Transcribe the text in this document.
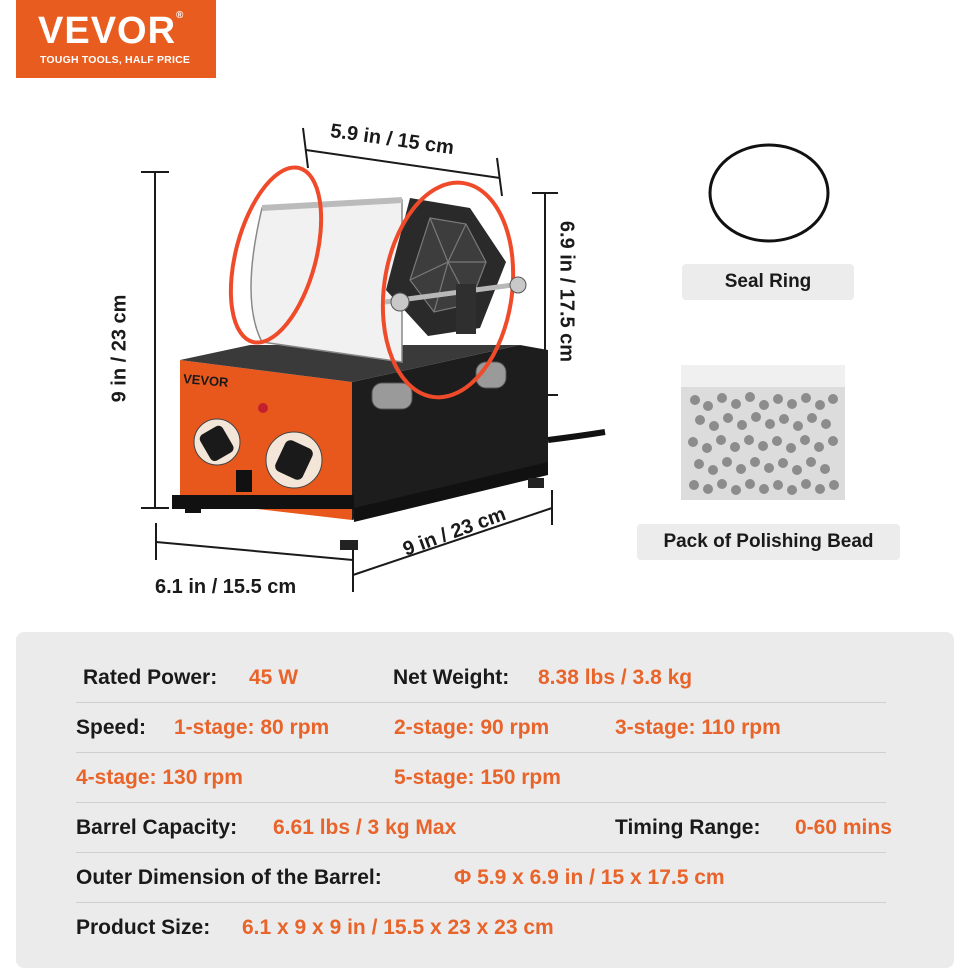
VEVOR®
TOUGH TOOLS, HALF PRICE
VEVOR
5.9 in / 15 cm
6.9 in / 17.5 cm
9 in / 23 cm
6.1 in / 15.5 cm
9 in / 23 cm
Seal Ring
Pack of Polishing Bead
Rated Power: 45 W	Net Weight: 8.38 lbs / 3.8 kg
Speed: 1-stage: 80 rpm	2-stage: 90 rpm	3-stage: 110 rpm
4-stage: 130 rpm	5-stage: 150 rpm
Barrel Capacity: 6.61 lbs / 3 kg Max	Timing Range: 0-60 mins
Outer Dimension of the Barrel:	Φ 5.9 x 6.9 in / 15 x 17.5 cm
Product Size: 6.1 x 9 x 9 in / 15.5 x 23 x 23 cm
